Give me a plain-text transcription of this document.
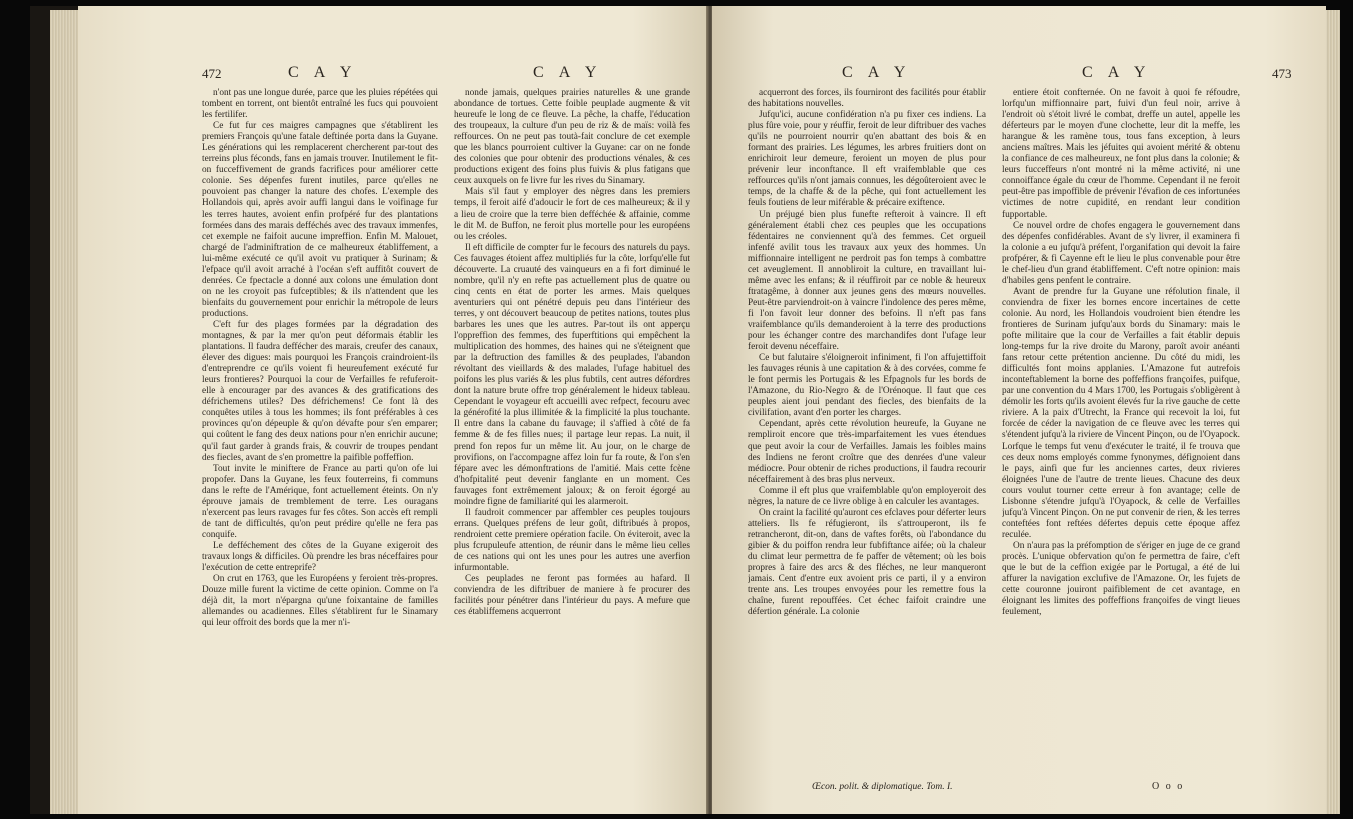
472	C A Y	C A Y

n'ont pas une longue durée, parce que les pluies répétées qui tombent en torrent, ont bientôt entraîné les fucs qui pouvoient les fertilifer.

Ce fut fur ces maigres campagnes que s'établirent les premiers François qu'une fatale deftinée porta dans la Guyane. Les générations qui les remplacerent chercherent par-tout des terreins plus féconds, fans en jamais trouver. Inutilement le fit-on fucceffivement de grands facrifices pour améliorer cette colonie. Ses dépenfes furent inutiles, parce qu'elles ne pouvoient pas changer la nature des chofes. L'exemple des Hollandois qui, après avoir auffi langui dans le voifinage fur les terres hautes, avoient enfin profpéré fur des plantations formées dans des marais defféchés avec des travaux immenfes, cet exemple ne faifoit aucune impreffion. Enfin M. Malouet, chargé de l'adminiftration de ce malheureux établiffement, a lui-même exécuté ce qu'il avoit vu pratiquer à Surinam; & l'efpace qu'il avoit arraché à l'océan s'eft auffitôt couvert de denrées. Ce fpectacle a donné aux colons une émulation dont on ne les croyoit pas fufceptibles; & ils n'attendent que les bienfaits du gouvernement pour enrichir la métropole de leurs productions.

C'eft fur des plages formées par la dégradation des montagnes, & par la mer qu'on peut déformais établir les plantations. Il faudra deffécher des marais, creufer des canaux, élever des digues: mais pourquoi les François craindroient-ils d'entreprendre ce qu'ils voient fi heureufement exécuté fur leurs frontieres? Pourquoi la cour de Verfailles fe refuferoit-elle à encourager par des avances & des gratifications des défrichemens utiles? Des défrichemens! Ce font là des conquêtes utiles à tous les hommes; ils font préférables à ces provinces qu'on dépeuple & qu'on dévafte pour s'en emparer; qui coûtent le fang des deux nations pour n'en enrichir aucune; qu'il faut garder à grands frais, & couvrir de troupes pendant des fiecles, avant de s'en promettre la paifible poffeffion.

Tout invite le miniftere de France au parti qu'on ofe lui propofer. Dans la Guyane, les feux fouterreins, fi communs dans le refte de l'Amérique, font actuellement éteints. On n'y éprouve jamais de tremblement de terre. Les ouragans n'exercent pas leurs ravages fur fes côtes. Son accès eft rempli de tant de difficultés, qu'on peut prédire qu'elle ne fera pas conquife.

Le defféchement des côtes de la Guyane exigeroit des travaux longs & difficiles. Où prendre les bras néceffaires pour l'exécution de cette entreprife?

On crut en 1763, que les Européens y feroient très-propres. Douze mille furent la victime de cette opinion. Comme on l'a déjà dit, la mort n'épargna qu'une foixantaine de familles allemandes ou acadiennes. Elles s'établirent fur le Sinamary qui leur offroit des bords que la mer n'i-

nonde jamais, quelques prairies naturelles & une grande abondance de tortues. Cette foible peuplade augmente & vit heureufe le long de ce fleuve. La pêche, la chaffe, l'éducation des troupeaux, la culture d'un peu de riz & de maïs: voilà fes reffources. On ne peut pas toutà-fait conclure de cet exemple que les blancs pourroient cultiver la Guyane: car on ne fonde des colonies que pour obtenir des productions vénales, & ces productions exigent des foins plus fuivis & plus fatigans que ceux auxquels on fe livre fur les rives du Sinamary.

Mais s'il faut y employer des nègres dans les premiers temps, il feroit aifé d'adoucir le fort de ces malheureux; & il y a lieu de croire que la terre bien defféchée & affainie, comme le dit M. de Buffon, ne feroit plus mortelle pour les européens ou les créoles.

Il eft difficile de compter fur le fecours des naturels du pays. Ces fauvages étoient affez multipliés fur la côte, lorfqu'elle fut découverte. La cruauté des vainqueurs en a fi fort diminué le nombre, qu'il n'y en refte pas actuellement plus de quatre ou cinq cents en état de porter les armes. Mais quelques aventuriers qui ont pénétré depuis peu dans l'intérieur des terres, y ont découvert beaucoup de petites nations, toutes plus barbares les unes que les autres. Par-tout ils ont apperçu l'oppreffion des femmes, des fuperftitions qui empêchent la multiplication des hommes, des haines qui ne s'éteignent que par la deftruction des familles & des peuplades, l'abandon révoltant des vieillards & des malades, l'ufage habituel des poifons les plus variés & les plus fubtils, cent autres défordres dont la nature brute offre trop généralement le hideux tableau. Cependant le voyageur eft accueilli avec refpect, fecouru avec la générofité la plus illimitée & la fimplicité la plus touchante. Il entre dans la cabane du fauvage; il s'affied à côté de fa femme & de fes filles nues; il partage leur repas. La nuit, il prend fon repos fur un même lit. Au jour, on le charge de provifions, on l'accompagne affez loin fur fa route, & l'on s'en fépare avec les démonftrations de l'amitié. Mais cette fcène d'hofpitalité peut devenir fanglante en un moment. Ces fauvages font extrêmement jaloux; & on feroit égorgé au moindre figne de familiarité qui les alarmeroit.

Il faudroit commencer par affembler ces peuples toujours errans. Quelques préfens de leur goût, diftribués à propos, rendroient cette premiere opération facile. On éviteroit, avec la plus fcrupuleufe attention, de réunir dans le même lieu celles de ces nations qui ont les unes pour les autres une averfion infurmontable.

Ces peuplades ne feront pas formées au hafard. Il conviendra de les diftribuer de maniere à fe procurer des facilités pour pénétrer dans l'intérieur du pays. A mefure que ces établiffemens acquerront

C A Y	C A Y	473

acquerront des forces, ils fourniront des facilités pour établir des habitations nouvelles.

Jufqu'ici, aucune confidération n'a pu fixer ces indiens. La plus fûre voie, pour y réuffir, feroit de leur diftribuer des vaches qu'ils ne pourroient nourrir qu'en abattant des bois & en formant des prairies. Les légumes, les arbres fruitiers dont on enrichiroit leur demeure, feroient un moyen de plus pour prévenir leur inconftance. Il eft vraifemblable que ces reffources qu'ils n'ont jamais connues, les dégoûteroient avec le temps, de la chaffe & de la pêche, qui font actuellement les feuls foutiens de leur miférable & précaire exiftence.

Un préjugé bien plus funefte refteroit à vaincre. Il eft généralement établi chez ces peuples que les occupations fédentaires ne conviennent qu'à des femmes. Cet orgueil infenfé avilit tous les travaux aux yeux des hommes. Un miffionnaire intelligent ne perdroit pas fon temps à combattre cet aveuglement. Il annobliroit la culture, en travaillant lui-même avec les enfans; & il réuffiroit par ce noble & heureux ftratagême, à donner aux jeunes gens des mœurs nouvelles. Peut-être parviendroit-on à vaincre l'indolence des peres même, fi l'on favoit leur donner des befoins. Il n'eft pas fans vraifemblance qu'ils demanderoient à la terre des productions pour les échanger contre des marchandifes dont l'ufage leur feroit devenu néceffaire.

Ce but falutaire s'éloigneroit infiniment, fi l'on affujettiffoit les fauvages réunis à une capitation & à des corvées, comme fe le font permis les Portugais & les Efpagnols fur les bords de l'Amazone, du Rio-Negro & de l'Orénoque. Il faut que ces peuples aient joui pendant des fiecles, des bienfaits de la civilifation, avant d'en porter les charges.

Cependant, après cette révolution heureufe, la Guyane ne rempliroit encore que très-imparfaitement les vues étendues que peut avoir la cour de Verfailles. Jamais les foibles mains des Indiens ne feront croître que des denrées d'une valeur médiocre. Pour obtenir de riches productions, il faudra recourir néceffairement à des bras plus nerveux.

Comme il eft plus que vraifemblable qu'on employeroit des nègres, la nature de ce livre oblige à en calculer les avantages.

On craint la facilité qu'auront ces efclaves pour déferter leurs atteliers. Ils fe réfugieront, ils s'attrouperont, ils fe retrancheront, dit-on, dans de vaftes forêts, où l'abondance du gibier & du poiffon rendra leur fubfiftance aifée; où la chaleur du climat leur permettra de fe paffer de vêtement; où les bois propres à faire des arcs & des fléches, ne leur manqueront jamais. Cent d'entre eux avoient pris ce parti, il y a environ trente ans. Les troupes envoyées pour les remettre fous la chaîne, furent repouffées. Cet échec faifoit craindre une défertion générale. La colonie

entiere étoit confternée. On ne favoit à quoi fe réfoudre, lorfqu'un miffionnaire part, fuivi d'un feul noir, arrive à l'endroit où s'étoit livré le combat, dreffe un autel, appelle les déferteurs par le moyen d'une clochette, leur dit la meffe, les harangue & les ramène tous, tous fans exception, à leurs anciens maîtres. Mais les jéfuites qui avoient mérité & obtenu la confiance de ces malheureux, ne font plus dans la colonie; & leurs fucceffeurs n'ont montré ni la même activité, ni une connoiffance égale du cœur de l'homme. Cependant il ne feroit peut-être pas impoffible de prévenir l'évafion de ces infortunées victimes de notre cupidité, en rendant leur condition fupportable.

Ce nouvel ordre de chofes engagera le gouvernement dans des dépenfes confidérables. Avant de s'y livrer, il examinera fi la colonie a eu jufqu'à préfent, l'organifation qui devoit la faire profpérer, & fi Cayenne eft le lieu le plus convenable pour être le chef-lieu d'un grand établiffement. C'eft notre opinion: mais d'habiles gens penfent le contraire.

Avant de prendre fur la Guyane une réfolution finale, il conviendra de fixer les bornes encore incertaines de cette colonie. Au nord, les Hollandois voudroient bien étendre les frontieres de Surinam jufqu'aux bords du Sinamary: mais le pofte militaire que la cour de Verfailles a fait établir depuis long-temps fur la rive droite du Marony, paroît avoir anéanti fans retour cette prétention ancienne. Du côté du midi, les difficultés font moins applanies. L'Amazone fut autrefois inconteftablement la borne des poffeffions françoifes, puifque, par une convention du 4 Mars 1700, les Portugais s'obligèrent à démolir les forts qu'ils avoient élevés fur la rive gauche de cette riviere. A la paix d'Utrecht, la France qui recevoit la loi, fut forcée de céder la navigation de ce fleuve avec les terres qui s'étendent jufqu'à la riviere de Vincent Pinçon, ou de l'Oyapock. Lorfque le temps fut venu d'exécuter le traité, il fe trouva que ces deux noms employés comme fynonymes, défignoient dans le pays, ainfi que fur les anciennes cartes, deux rivieres éloignées l'une de l'autre de trente lieues. Chacune des deux cours voulut tourner cette erreur à fon avantage; celle de Lisbonne s'étendre jufqu'à l'Oyapock, & celle de Verfailles jufqu'à Vincent Pinçon. On ne put convenir de rien, & les terres conteftées font reftées défertes depuis cette époque affez reculée.

On n'aura pas la préfomption de s'ériger en juge de ce grand procès. L'unique obfervation qu'on fe permettra de faire, c'eft que le but de la ceffion exigée par le Portugal, a été de lui affurer la navigation exclufive de l'Amazone. Or, les fujets de cette couronne jouiront paifiblement de cet avantage, en éloignant les limites des poffeffions françoifes de vingt lieues feulement,

Œcon. polit. & diplomatique. Tom. I.	O o o
